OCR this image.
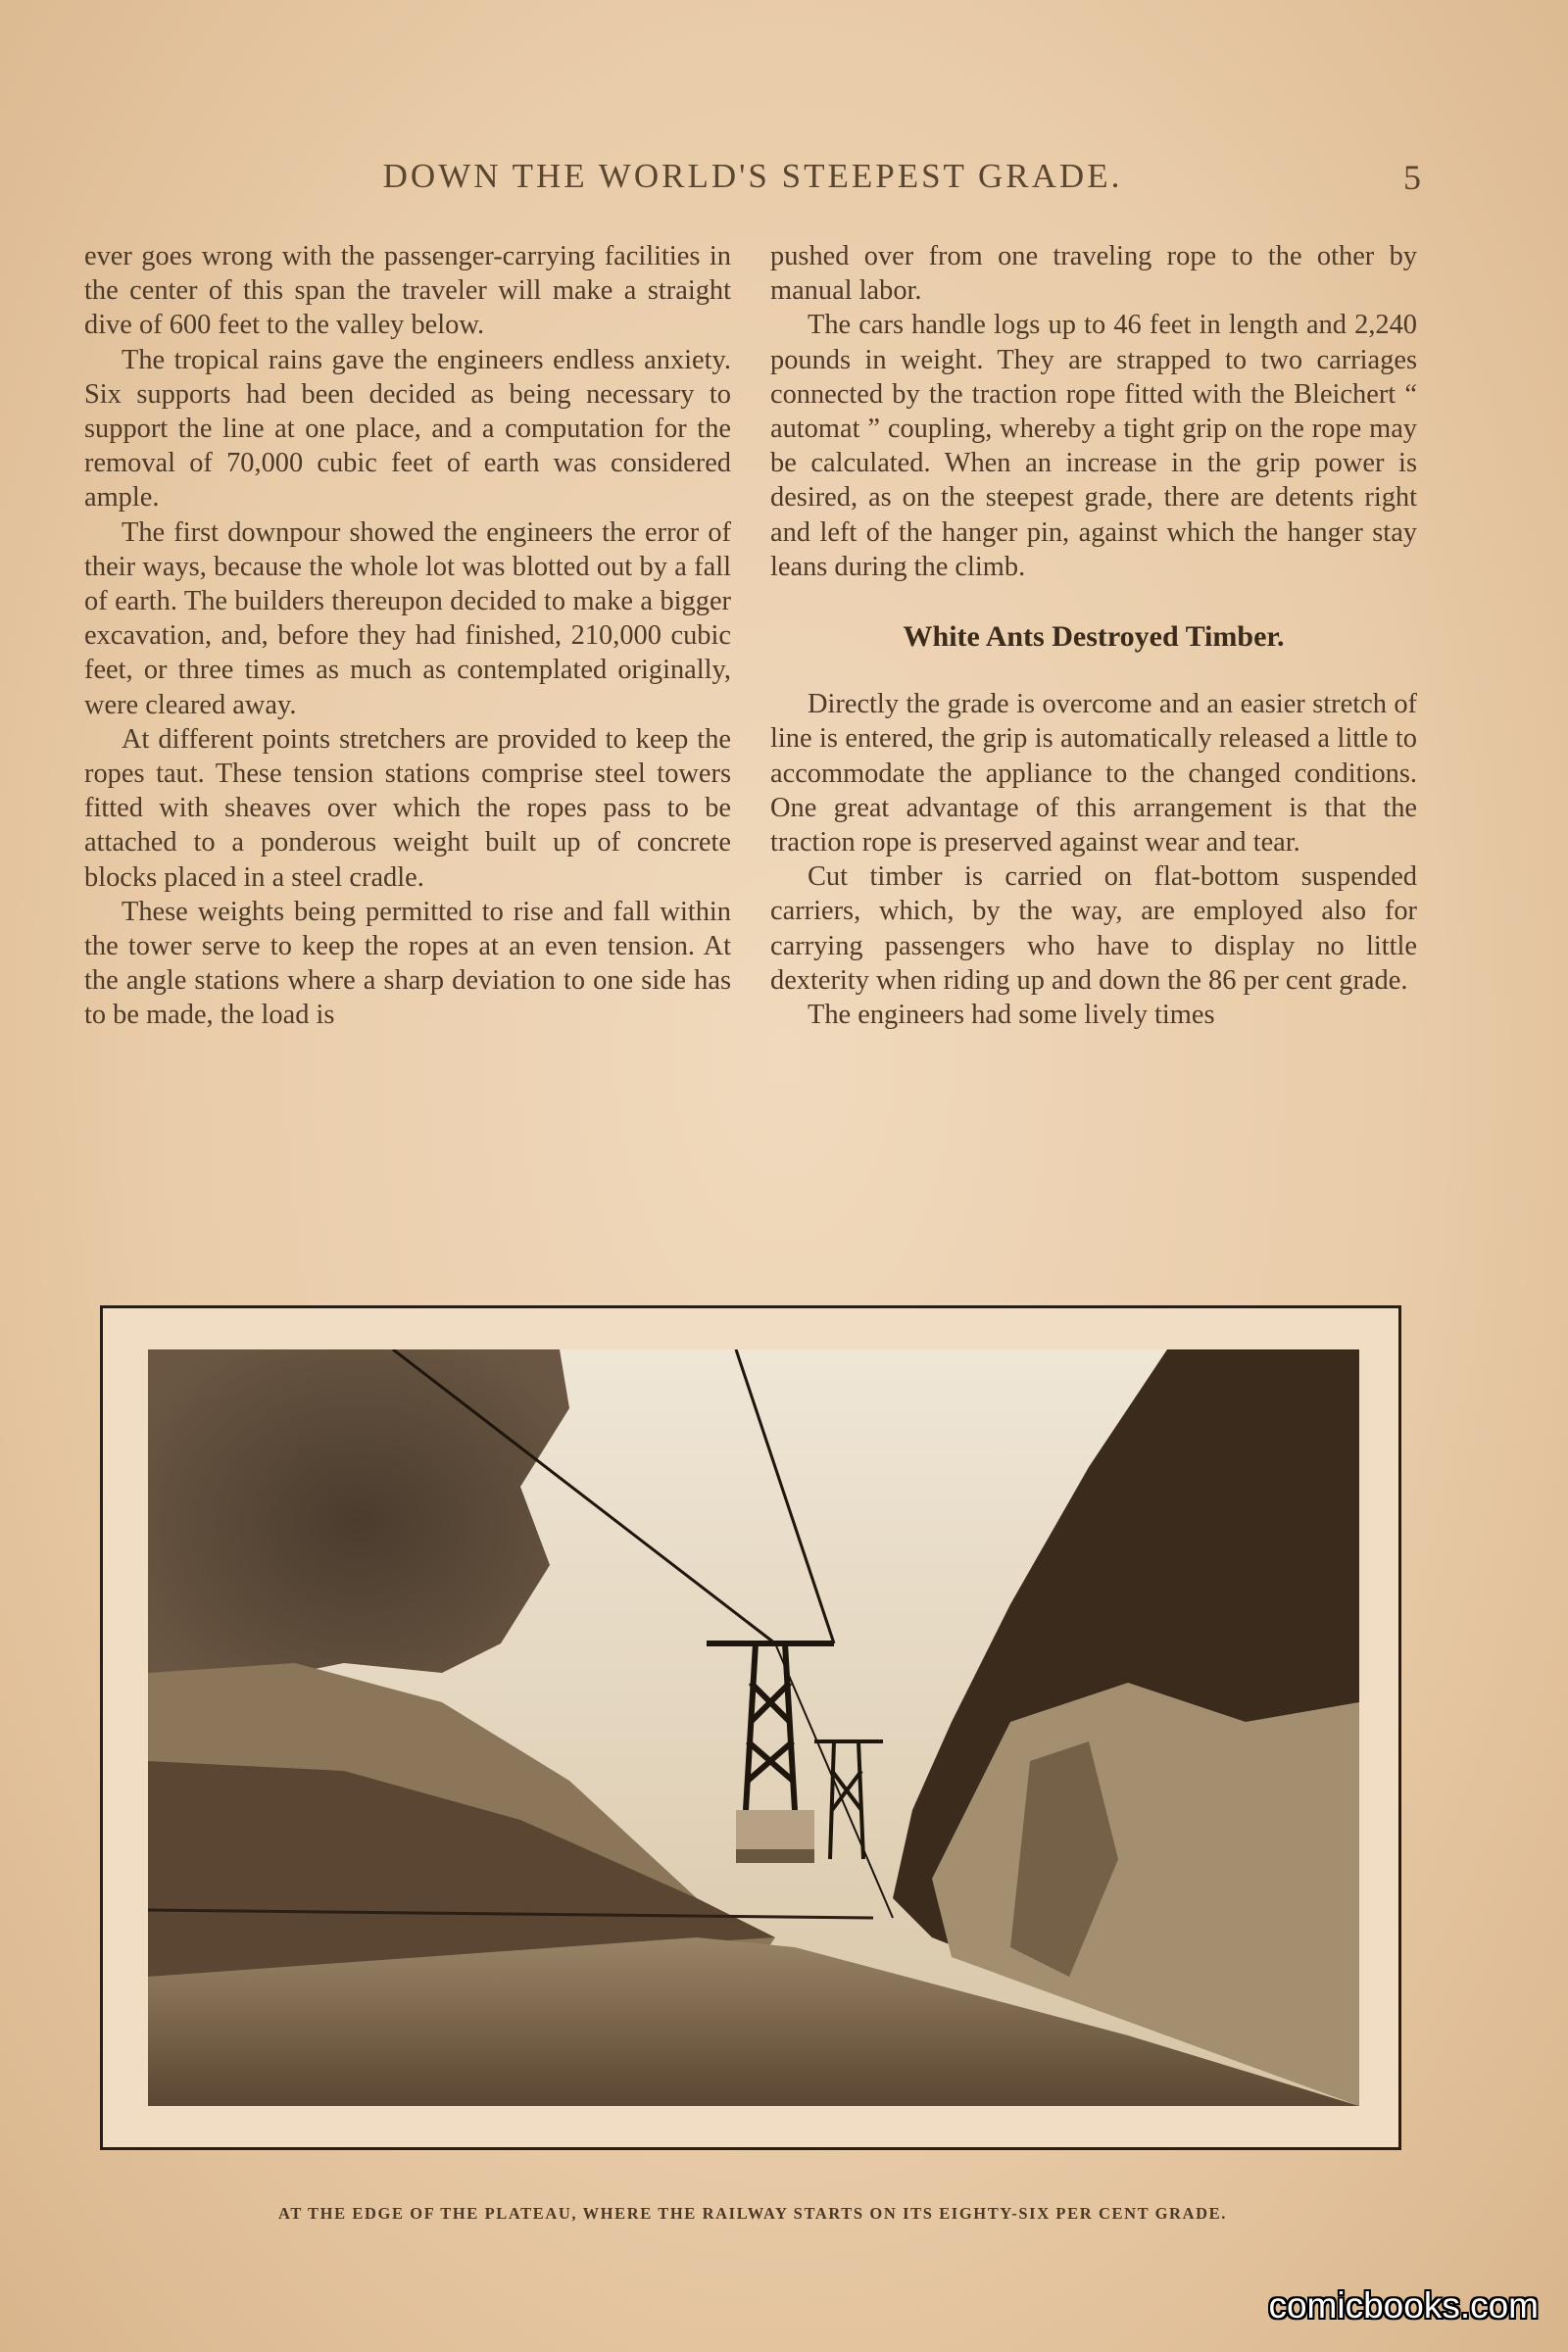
DOWN THE WORLD'S STEEPEST GRADE.	5

ever goes wrong with the passenger-carrying facilities in the center of this span the traveler will make a straight dive of 600 feet to the valley below.

The tropical rains gave the engineers endless anxiety. Six supports had been decided as being necessary to support the line at one place, and a computation for the removal of 70,000 cubic feet of earth was considered ample.

The first downpour showed the engineers the error of their ways, because the whole lot was blotted out by a fall of earth. The builders thereupon decided to make a bigger excavation, and, before they had finished, 210,000 cubic feet, or three times as much as contemplated originally, were cleared away.

At different points stretchers are provided to keep the ropes taut. These tension stations comprise steel towers fitted with sheaves over which the ropes pass to be attached to a ponderous weight built up of concrete blocks placed in a steel cradle.

These weights being permitted to rise and fall within the tower serve to keep the ropes at an even tension. At the angle stations where a sharp deviation to one side has to be made, the load is

pushed over from one traveling rope to the other by manual labor.

The cars handle logs up to 46 feet in length and 2,240 pounds in weight. They are strapped to two carriages connected by the traction rope fitted with the Bleichert “ automat ” coupling, whereby a tight grip on the rope may be calculated. When an increase in the grip power is desired, as on the steepest grade, there are detents right and left of the hanger pin, against which the hanger stay leans during the climb.

White Ants Destroyed Timber.

Directly the grade is overcome and an easier stretch of line is entered, the grip is automatically released a little to accommodate the appliance to the changed conditions. One great advantage of this arrangement is that the traction rope is preserved against wear and tear.

Cut timber is carried on flat-bottom suspended carriers, which, by the way, are employed also for carrying passengers who have to display no little dexterity when riding up and down the 86 per cent grade.

The engineers had some lively times

AT THE EDGE OF THE PLATEAU, WHERE THE RAILWAY STARTS ON ITS EIGHTY-SIX PER CENT GRADE.
comicbooks.com
